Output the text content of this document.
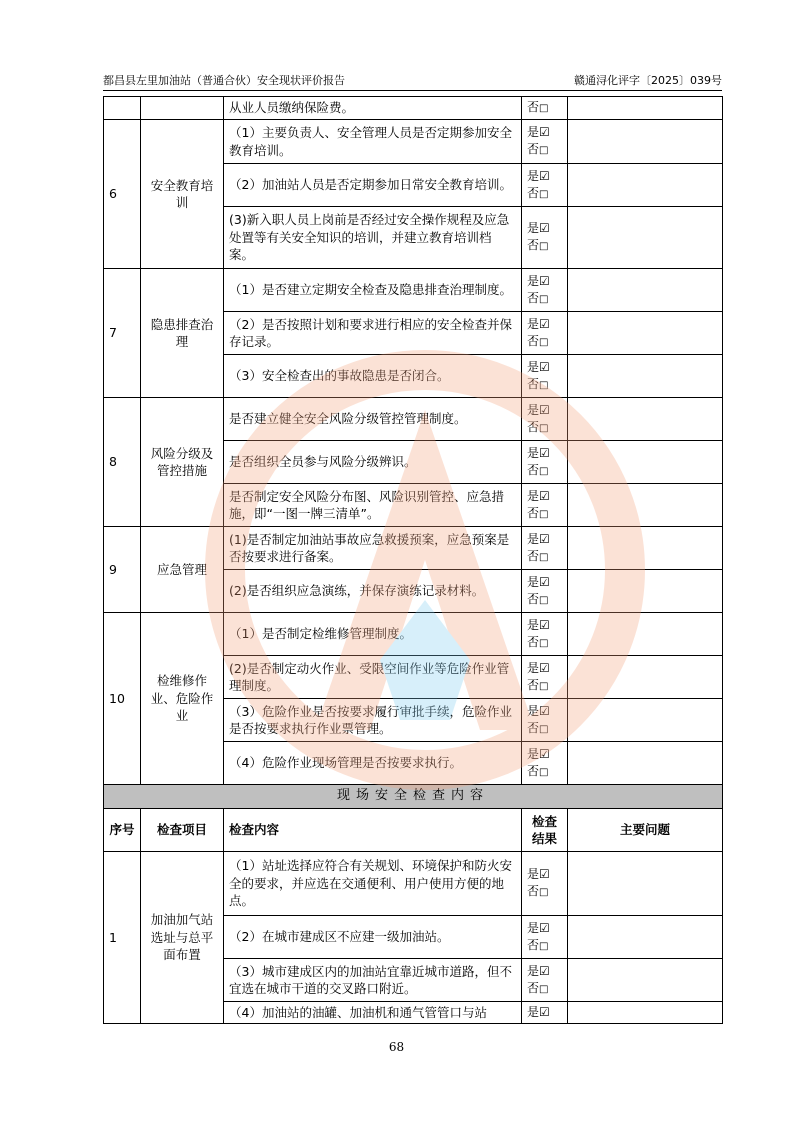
都昌县左里加油站（普通合伙）安全现状评价报告	赣通浔化评字〔2025〕039号
		从业人员缴纳保险费。	否 □	
6	安全教育培训	（1）主要负责人、安全管理人员是否定期参加安全教育培训。	是 ☑
否 □	
		（2）加油站人员是否定期参加日常安全教育培训。	是 ☑
否 □	
		(3)新入职人员上岗前是否经过安全操作规程及应急处置等有关安全知识的培训，并建立教育培训档案。	是 ☑
否 □	
7	隐患排查治理	（1）是否建立定期安全检查及隐患排查治理制度。	是 ☑
否 □	
		（2）是否按照计划和要求进行相应的安全检查并保存记录。	是 ☑
否 □	
		（3）安全检查出的事故隐患是否闭合。	是 ☑
否 □	
8	风险分级及管控措施	是否建立健全安全风险分级管控管理制度。	是 ☑
否 □	
		是否组织全员参与风险分级辨识。	是 ☑
否 □	
		是否制定安全风险分布图、风险识别管控、应急措施，即“一图一牌三清单”。	是 ☑
否 □	
9	应急管理	(1)是否制定加油站事故应急救援预案，应急预案是否按要求进行备案。	是 ☑
否 □	
		(2)是否组织应急演练，并保存演练记录材料。	是 ☑
否 □	
10	检维修作业、危险作业	（1）是否制定检维修管理制度。	是 ☑
否 □	
		(2)是否制定动火作业、受限空间作业等危险作业管理制度。	是 ☑
否 □	
		（3）危险作业是否按要求履行审批手续，危险作业是否按要求执行作业票管理。	是 ☑
否 □	
		（4）危险作业现场管理是否按要求执行。	是 ☑
否 □	
现场安全检查内容				
序号	检查项目	检查内容	检查结果	主要问题
1	加油加气站选址与总平面布置	（1）站址选择应符合有关规划、环境保护和防火安全的要求，并应选在交通便利、用户使用方便的地点。	是 ☑
否 □	
		（2）在城市建成区不应建一级加油站。	是 ☑
否 □	
		（3）城市建成区内的加油站宜靠近城市道路，但不宜选在城市干道的交叉路口附近。	是 ☑
否 □	
		（4）加油站的油罐、加油机和通气管管口与站	是 ☑	
68
